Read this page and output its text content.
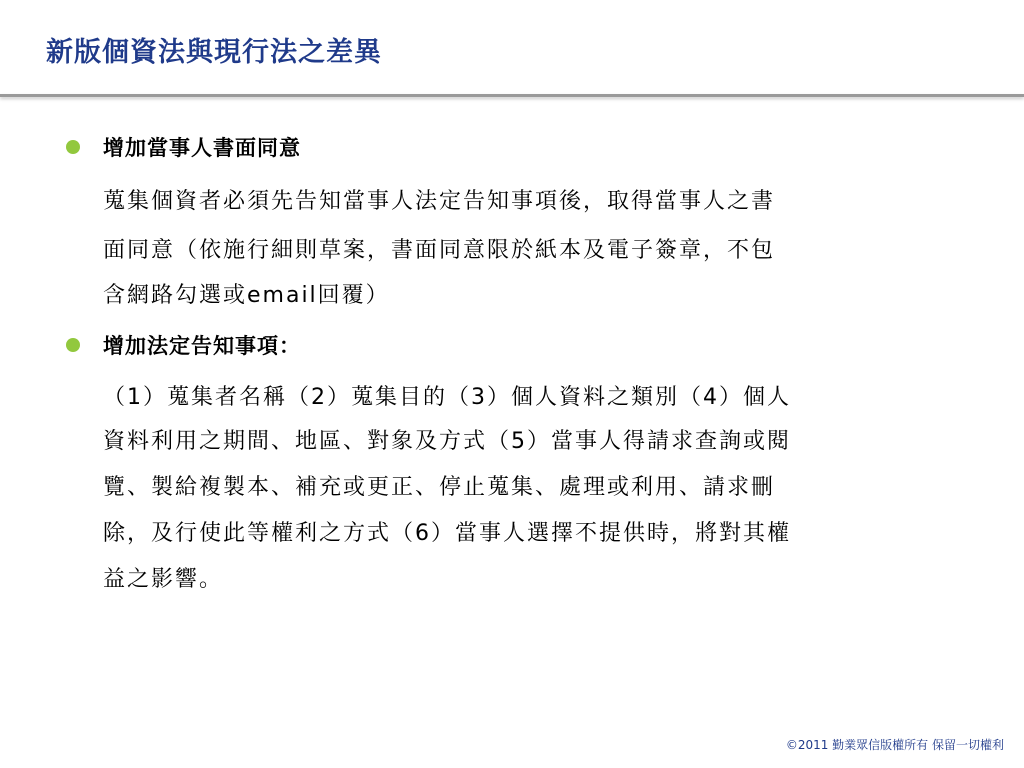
新版個資法與現行法之差異

增加當事人書面同意

蒐集個資者必須先告知當事人法定告知事項後，取得當事人之書

面同意（依施行細則草案，書面同意限於紙本及電子簽章，不包

含網路勾選或email回覆）

增加法定告知事項：

（1）蒐集者名稱（2）蒐集目的（3）個人資料之類別（4）個人

資料利用之期間、地區、對象及方式（5）當事人得請求查詢或閱

覽、製給複製本、補充或更正、停止蒐集、處理或利用、請求刪

除，及行使此等權利之方式（6）當事人選擇不提供時，將對其權

益之影響。

©2011 勤業眾信版權所有 保留一切權利
